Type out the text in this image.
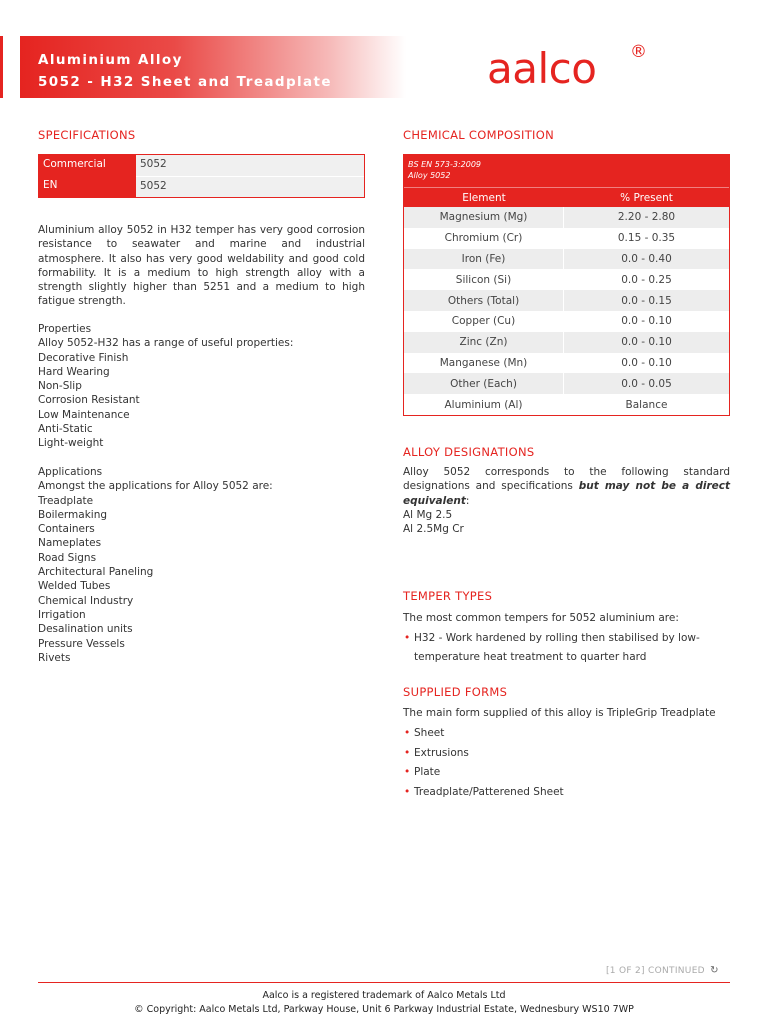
Aluminium Alloy
5052 - H32 Sheet and Treadplate	aalco ®
SPECIFICATIONS
Commercial	5052
EN	5052
Aluminium alloy 5052 in H32 temper has very good corrosion resistance to seawater and marine and industrial atmosphere. It also has very good weldability and good cold formability. It is a medium to high strength alloy with a strength slightly higher than 5251 and a medium to high fatigue strength.
Properties
Alloy 5052-H32 has a range of useful properties:
Decorative Finish
Hard Wearing
Non-Slip
Corrosion Resistant
Low Maintenance
Anti-Static
Light-weight
Applications
Amongst the applications for Alloy 5052 are:
Treadplate
Boilermaking
Containers
Nameplates
Road Signs
Architectural Paneling
Welded Tubes
Chemical Industry
Irrigation
Desalination units
Pressure Vessels
Rivets
CHEMICAL COMPOSITION
BS EN 573-3:2009
Alloy 5052
Element	% Present
Magnesium (Mg)	2.20 - 2.80
Chromium (Cr)	0.15 - 0.35
Iron (Fe)	0.0 - 0.40
Silicon (Si)	0.0 - 0.25
Others (Total)	0.0 - 0.15
Copper (Cu)	0.0 - 0.10
Zinc (Zn)	0.0 - 0.10
Manganese (Mn)	0.0 - 0.10
Other (Each)	0.0 - 0.05
Aluminium (Al)	Balance
ALLOY DESIGNATIONS
Alloy 5052 corresponds to the following standard designations and specifications but may not be a direct equivalent:
Al Mg 2.5
Al 2.5Mg Cr
TEMPER TYPES
The most common tempers for 5052 aluminium are:
• H32 - Work hardened by rolling then stabilised by low-temperature heat treatment to quarter hard
SUPPLIED FORMS
The main form supplied of this alloy is TripleGrip Treadplate
• Sheet
• Extrusions
• Plate
• Treadplate/Patterened Sheet
[1 OF 2] CONTINUED ↻
Aalco is a registered trademark of Aalco Metals Ltd
© Copyright: Aalco Metals Ltd, Parkway House, Unit 6 Parkway Industrial Estate, Wednesbury WS10 7WP
